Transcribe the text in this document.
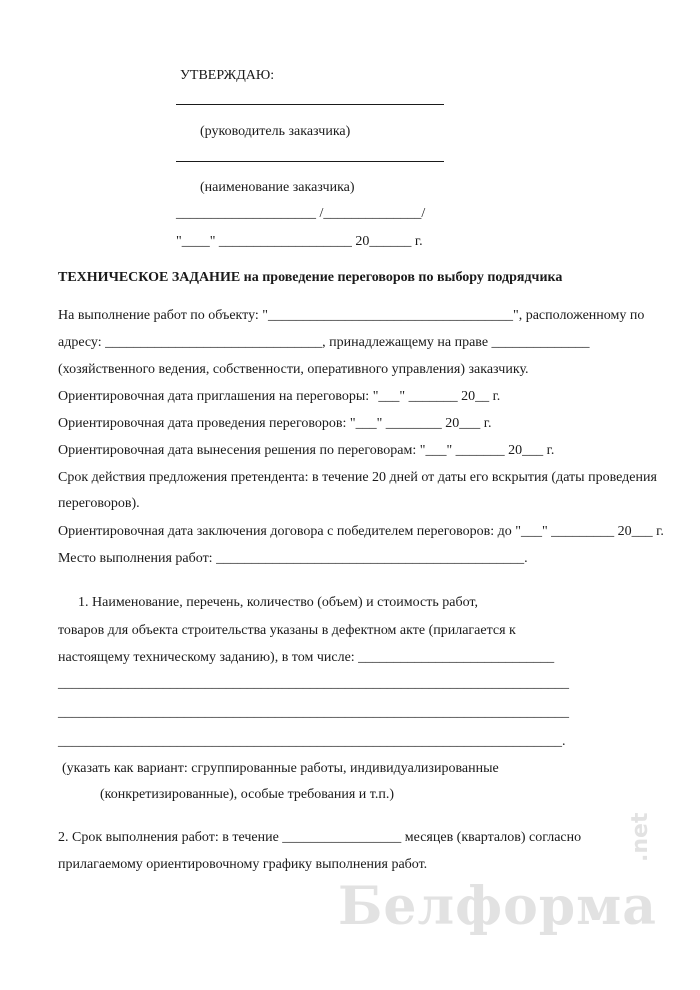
УТВЕРЖДАЮ:
(руководитель заказчика)
(наименование заказчика)
____________________ /______________/
"____" ___________________ 20______ г.
ТЕХНИЧЕСКОЕ ЗАДАНИЕ на проведение переговоров по выбору подрядчика
На выполнение работ по объекту: "___________________________________", расположенному по
адресу: _______________________________, принадлежащему на праве ______________
(хозяйственного ведения, собственности, оперативного управления) заказчику.
Ориентировочная дата приглашения на переговоры: "___" _______ 20__ г.
Ориентировочная дата проведения переговоров: "___" ________ 20___ г.
Ориентировочная дата вынесения решения по переговорам: "___" _______ 20___ г.
Срок действия предложения претендента: в течение 20 дней от даты его вскрытия (даты проведения
переговоров).
Ориентировочная дата заключения договора с победителем переговоров: до "___" _________ 20___ г.
Место выполнения работ: ____________________________________________.
1. Наименование, перечень, количество (объем) и стоимость работ,
товаров для объекта строительства указаны в дефектном акте (прилагается к
настоящему техническому заданию), в том числе: ____________________________
_________________________________________________________________________
_________________________________________________________________________
________________________________________________________________________.
(указать как вариант: сгруппированные работы, индивидуализированные
(конкретизированные), особые требования и т.п.)
2. Срок выполнения работ: в течение _________________ месяцев (кварталов) согласно
прилагаемому ориентировочному графику выполнения работ.
Белформа
.net
